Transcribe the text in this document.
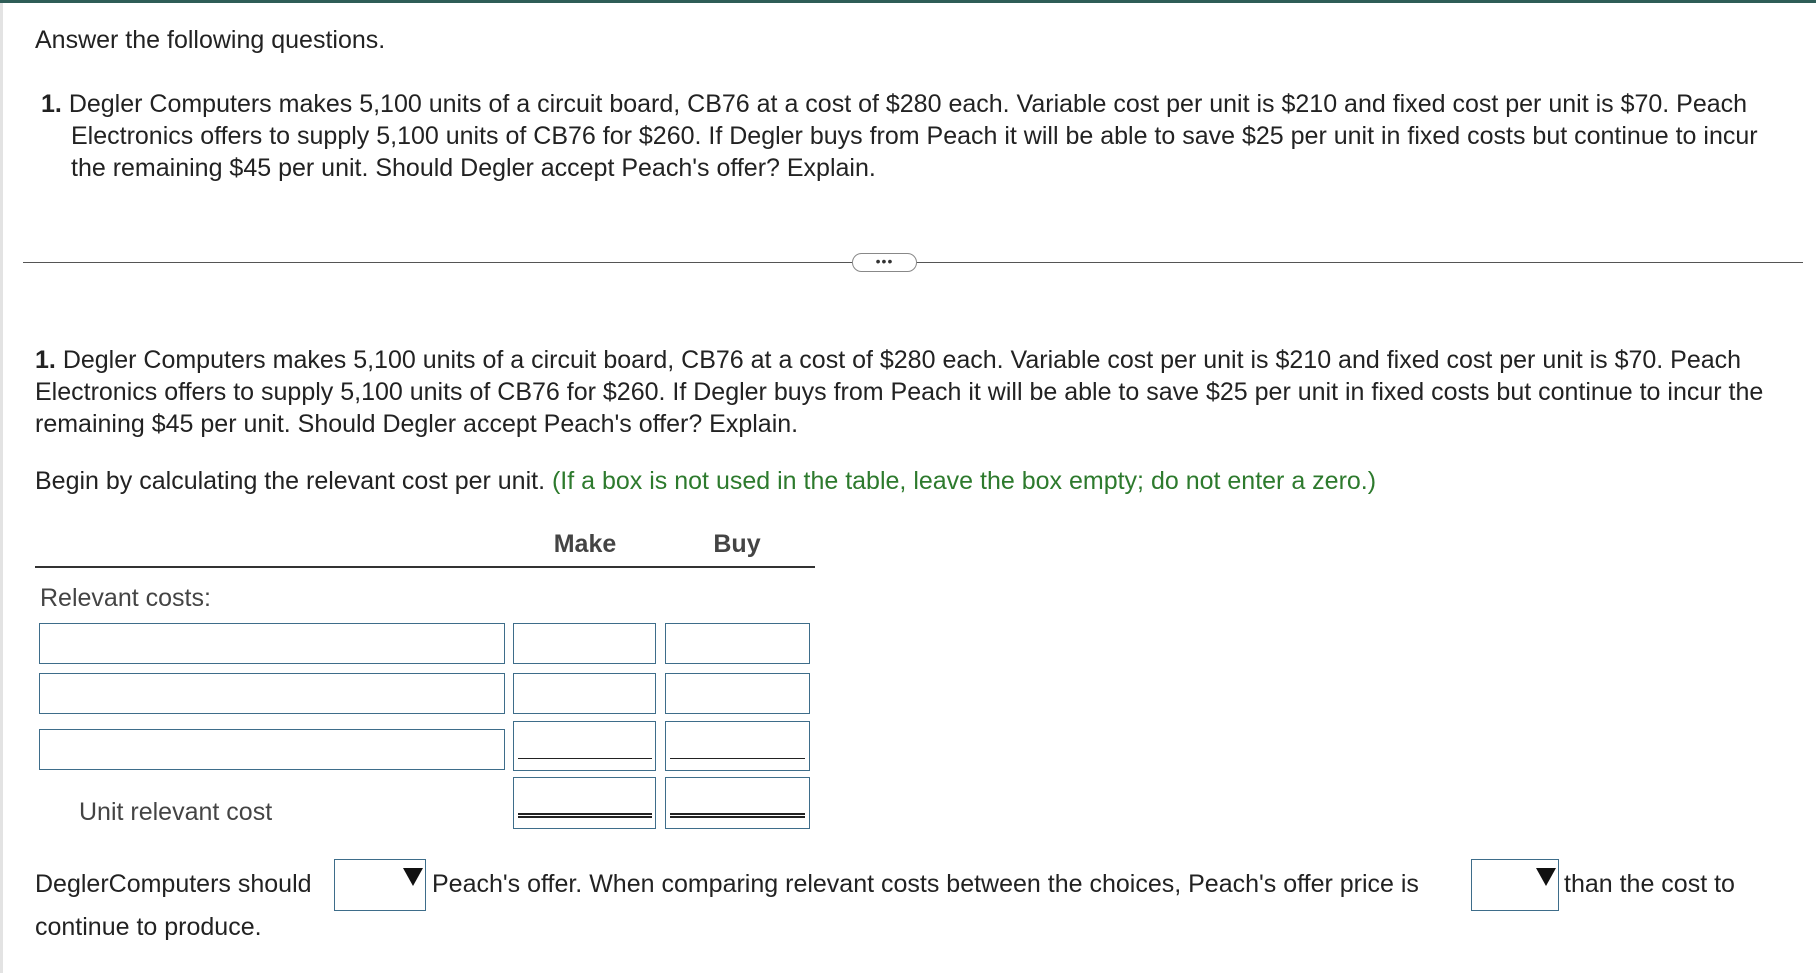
Answer the following questions.
1. Degler Computers makes 5,100 units of a circuit board, CB76 at a cost of $280 each. Variable cost per unit is $210 and fixed cost per unit is $70. Peach Electronics offers to supply 5,100 units of CB76 for $260. If Degler buys from Peach it will be able to save $25 per unit in fixed costs but continue to incur the remaining $45 per unit. Should Degler accept Peach's offer? Explain.
•••
1. Degler Computers makes 5,100 units of a circuit board, CB76 at a cost of $280 each. Variable cost per unit is $210 and fixed cost per unit is $70. Peach Electronics offers to supply 5,100 units of CB76 for $260. If Degler buys from Peach it will be able to save $25 per unit in fixed costs but continue to incur the remaining $45 per unit. Should Degler accept Peach's offer? Explain.
Begin by calculating the relevant cost per unit. (If a box is not used in the table, leave the box empty; do not enter a zero.)
Make	Buy
Relevant costs:
Unit relevant cost
DeglerComputers should	Peach's offer. When comparing relevant costs between the choices, Peach's offer price is	than the cost to
continue to produce.
